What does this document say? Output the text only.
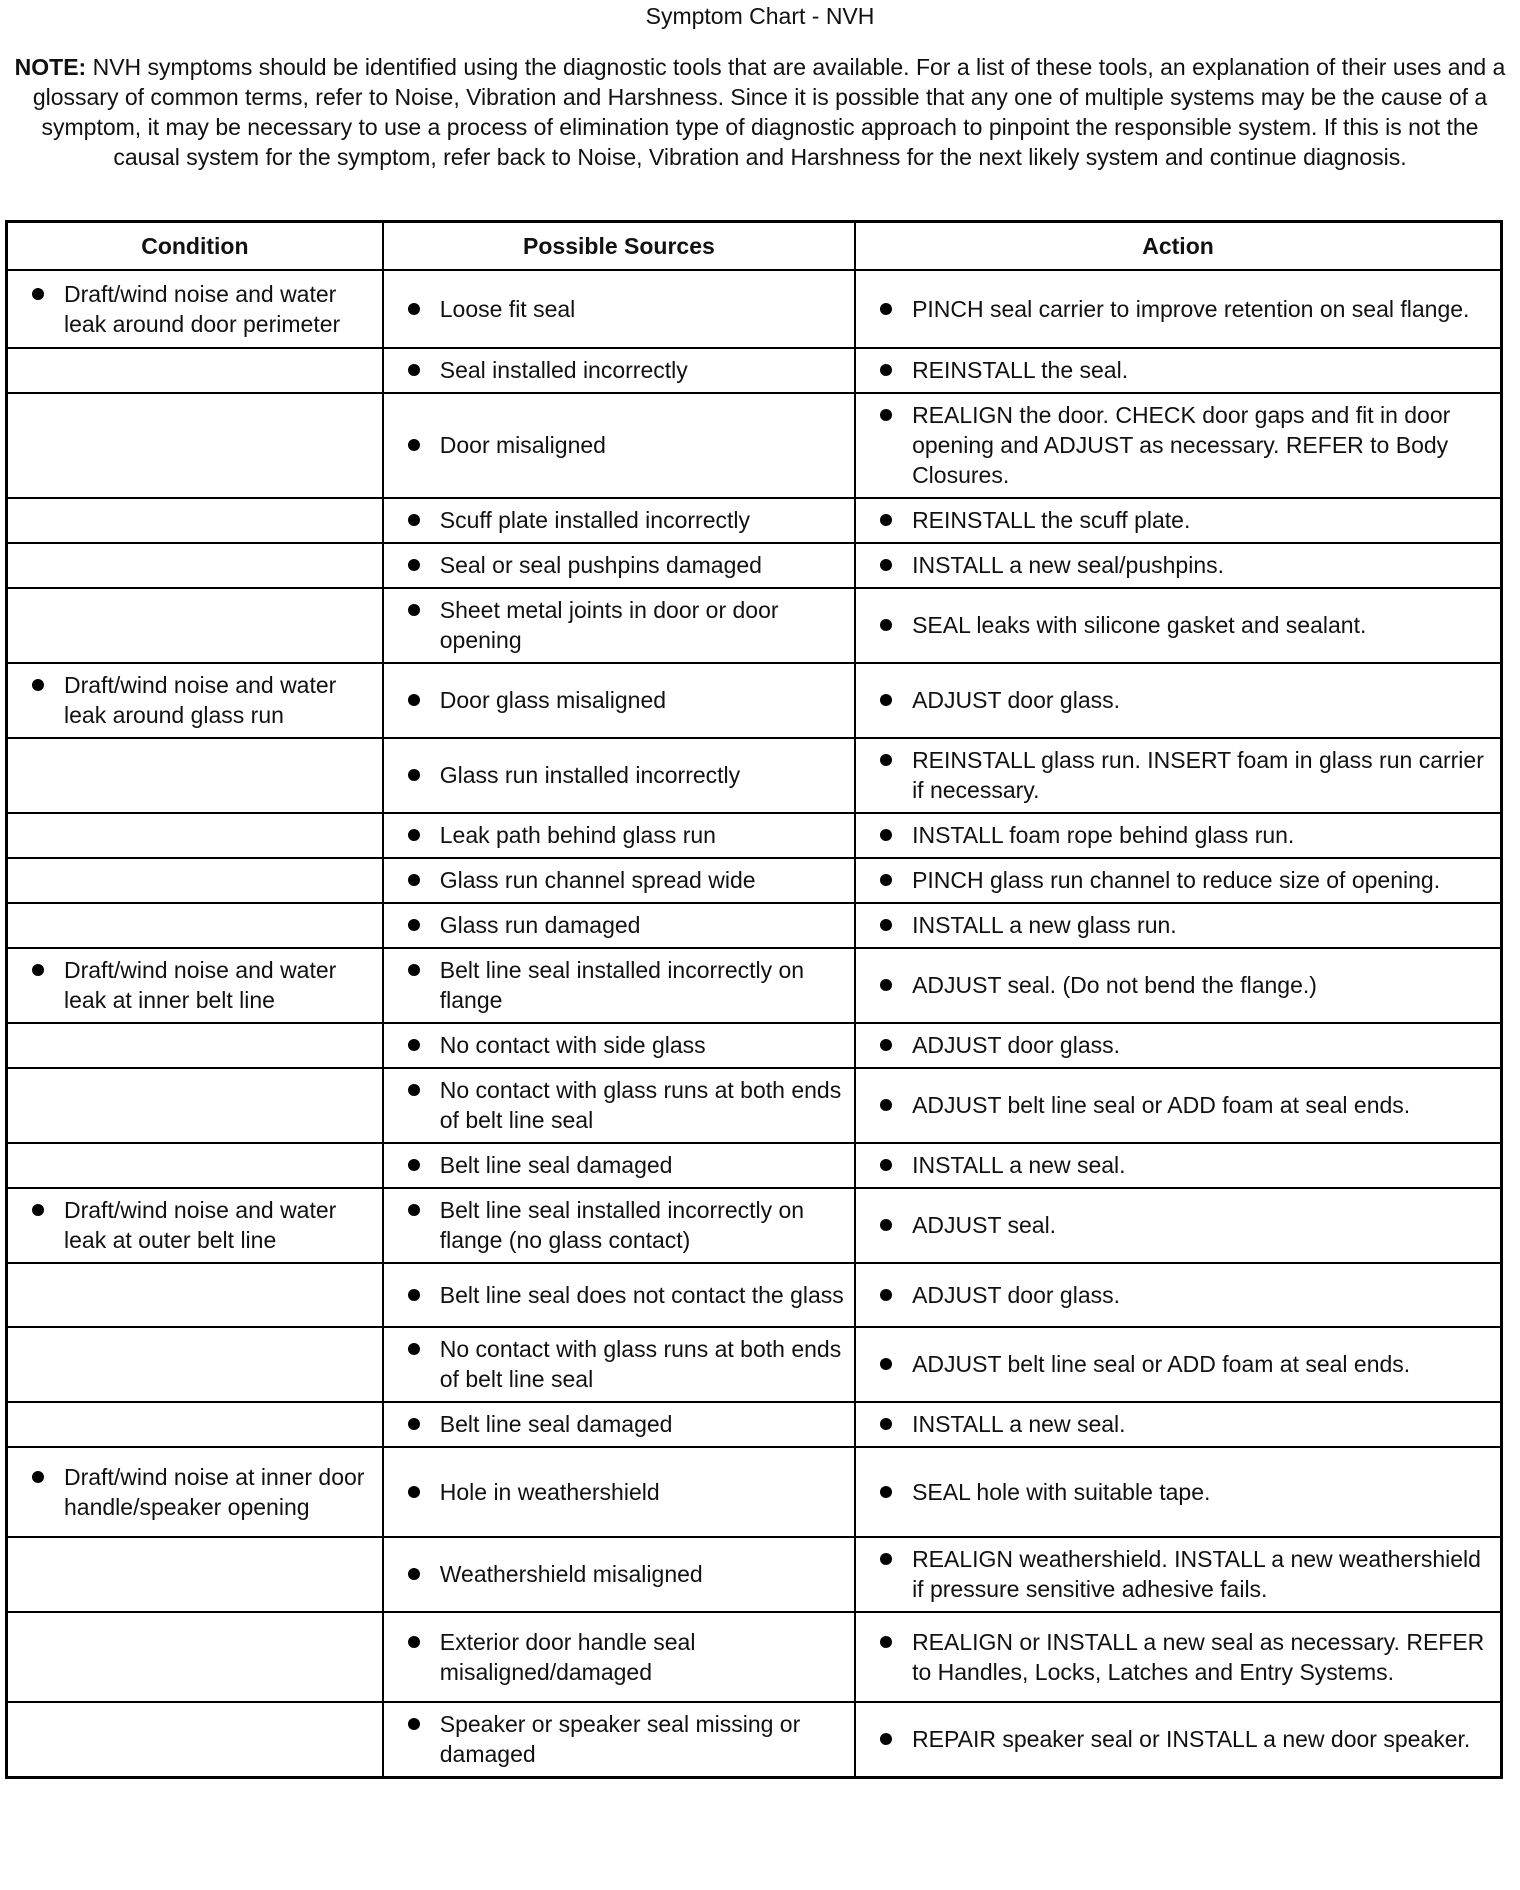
Symptom Chart - NVH

NOTE: NVH symptoms should be identified using the diagnostic tools that are available. For a list of these tools, an explanation of their uses and a glossary of common terms, refer to Noise, Vibration and Harshness. Since it is possible that any one of multiple systems may be the cause of a symptom, it may be necessary to use a process of elimination type of diagnostic approach to pinpoint the responsible system. If this is not the causal system for the symptom, refer back to Noise, Vibration and Harshness for the next likely system and continue diagnosis.

Condition	Possible Sources	Action

Draft/wind noise and water leak around door perimeter	Loose fit seal	PINCH seal carrier to improve retention on seal flange.

	Seal installed incorrectly	REINSTALL the seal.

	Door misaligned	REALIGN the door. CHECK door gaps and fit in door opening and ADJUST as necessary. REFER to Body Closures.

	Scuff plate installed incorrectly	REINSTALL the scuff plate.

	Seal or seal pushpins damaged	INSTALL a new seal/pushpins.

	Sheet metal joints in door or door opening	SEAL leaks with silicone gasket and sealant.

Draft/wind noise and water leak around glass run	Door glass misaligned	ADJUST door glass.

	Glass run installed incorrectly	REINSTALL glass run. INSERT foam in glass run carrier if necessary.

	Leak path behind glass run	INSTALL foam rope behind glass run.

	Glass run channel spread wide	PINCH glass run channel to reduce size of opening.

	Glass run damaged	INSTALL a new glass run.

Draft/wind noise and water leak at inner belt line	Belt line seal installed incorrectly on flange	ADJUST seal. (Do not bend the flange.)

	No contact with side glass	ADJUST door glass.

	No contact with glass runs at both ends of belt line seal	ADJUST belt line seal or ADD foam at seal ends.

	Belt line seal damaged	INSTALL a new seal.

Draft/wind noise and water leak at outer belt line	Belt line seal installed incorrectly on flange (no glass contact)	ADJUST seal.

	Belt line seal does not contact the glass	ADJUST door glass.

	No contact with glass runs at both ends of belt line seal	ADJUST belt line seal or ADD foam at seal ends.

	Belt line seal damaged	INSTALL a new seal.

Draft/wind noise at inner door handle/speaker opening	Hole in weathershield	SEAL hole with suitable tape.

	Weathershield misaligned	REALIGN weathershield. INSTALL a new weathershield if pressure sensitive adhesive fails.

	Exterior door handle seal misaligned/damaged	REALIGN or INSTALL a new seal as necessary. REFER to Handles, Locks, Latches and Entry Systems.

	Speaker or speaker seal missing or damaged	REPAIR speaker seal or INSTALL a new door speaker.
